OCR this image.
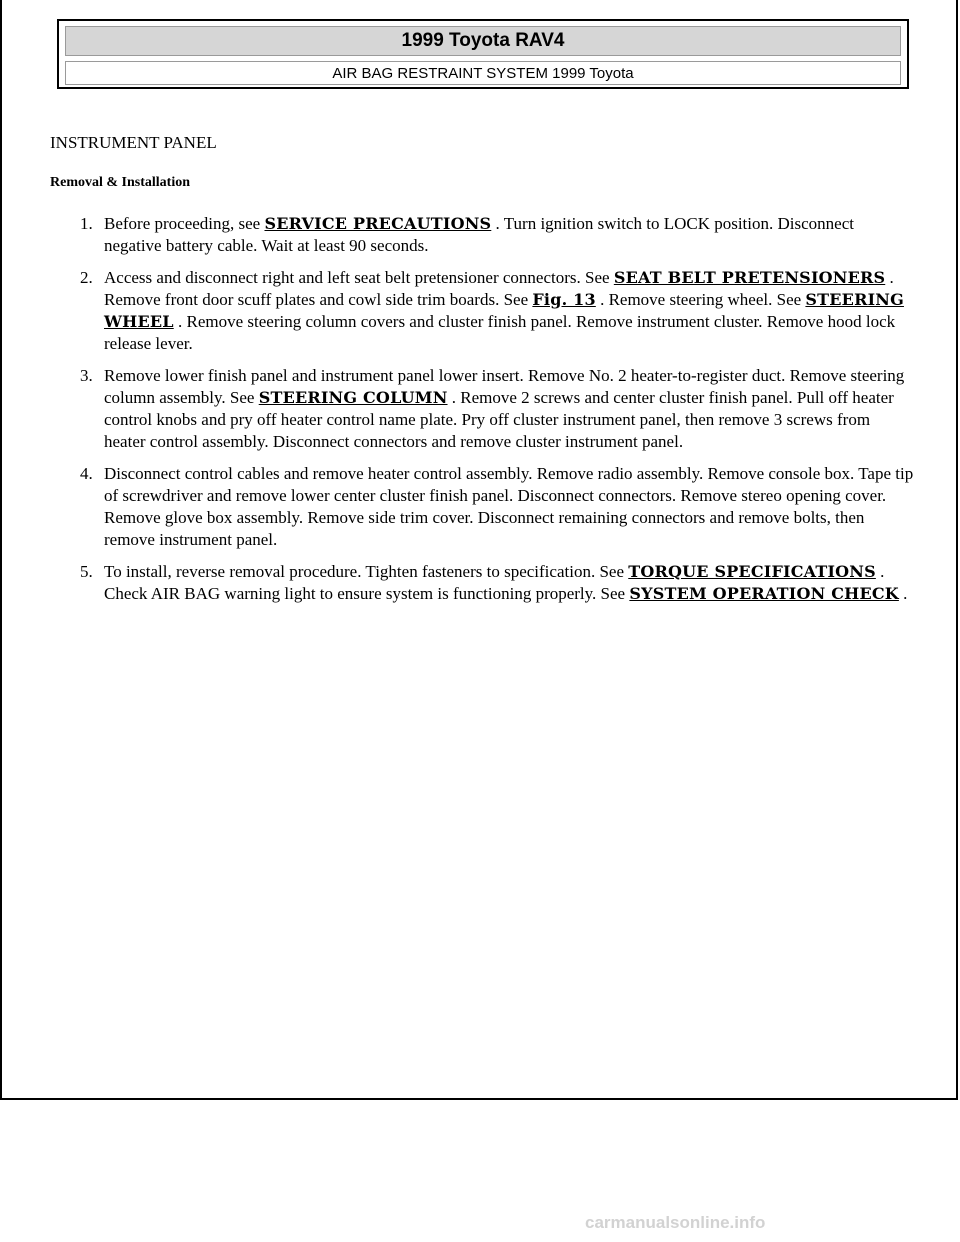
1999 Toyota RAV4
AIR BAG RESTRAINT SYSTEM 1999 Toyota
INSTRUMENT PANEL
Removal & Installation
1. Before proceeding, see SERVICE PRECAUTIONS . Turn ignition switch to LOCK position. Disconnect negative battery cable. Wait at least 90 seconds.
2. Access and disconnect right and left seat belt pretensioner connectors. See SEAT BELT PRETENSIONERS . Remove front door scuff plates and cowl side trim boards. See Fig. 13 . Remove steering wheel. See STEERING WHEEL . Remove steering column covers and cluster finish panel. Remove instrument cluster. Remove hood lock release lever.
3. Remove lower finish panel and instrument panel lower insert. Remove No. 2 heater-to-register duct. Remove steering column assembly. See STEERING COLUMN . Remove 2 screws and center cluster finish panel. Pull off heater control knobs and pry off heater control name plate. Pry off cluster instrument panel, then remove 3 screws from heater control assembly. Disconnect connectors and remove cluster instrument panel.
4. Disconnect control cables and remove heater control assembly. Remove radio assembly. Remove console box. Tape tip of screwdriver and remove lower center cluster finish panel. Disconnect connectors. Remove stereo opening cover. Remove glove box assembly. Remove side trim cover. Disconnect remaining connectors and remove bolts, then remove instrument panel.
5. To install, reverse removal procedure. Tighten fasteners to specification. See TORQUE SPECIFICATIONS . Check AIR BAG warning light to ensure system is functioning properly. See SYSTEM OPERATION CHECK .
carmanualsonline.info
